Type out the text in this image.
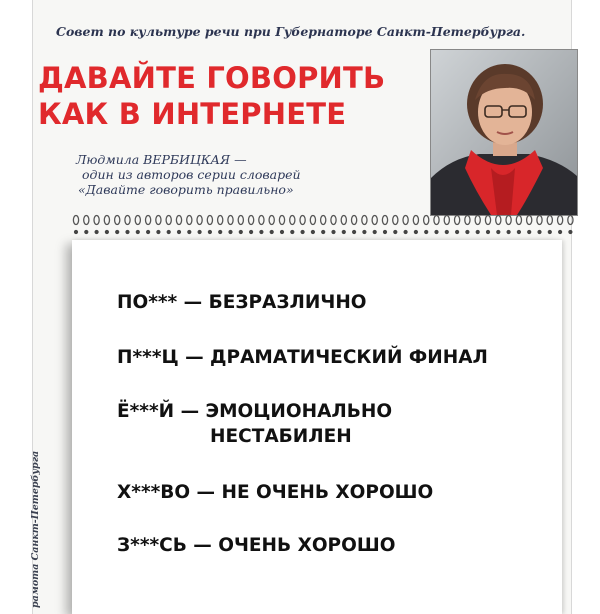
Совет по культуре речи при Губернаторе Санкт-Петербурга.
ДАВАЙТЕ ГОВОРИТЬ
КАК В ИНТЕРНЕТЕ
Людмила ВЕРБИЦКАЯ —
один из авторов серии словарей
«Давайте говорить правильно»
рамота Санкт-Петербурга
ПО*** — БЕЗРАЗЛИЧНО
П***Ц — ДРАМАТИЧЕСКИЙ ФИНАЛ
Ё***Й — ЭМОЦИОНАЛЬНО
НЕСТАБИЛЕН
Х***ВО — НЕ ОЧЕНЬ ХОРОШО
З***СЬ — ОЧЕНЬ ХОРОШО
